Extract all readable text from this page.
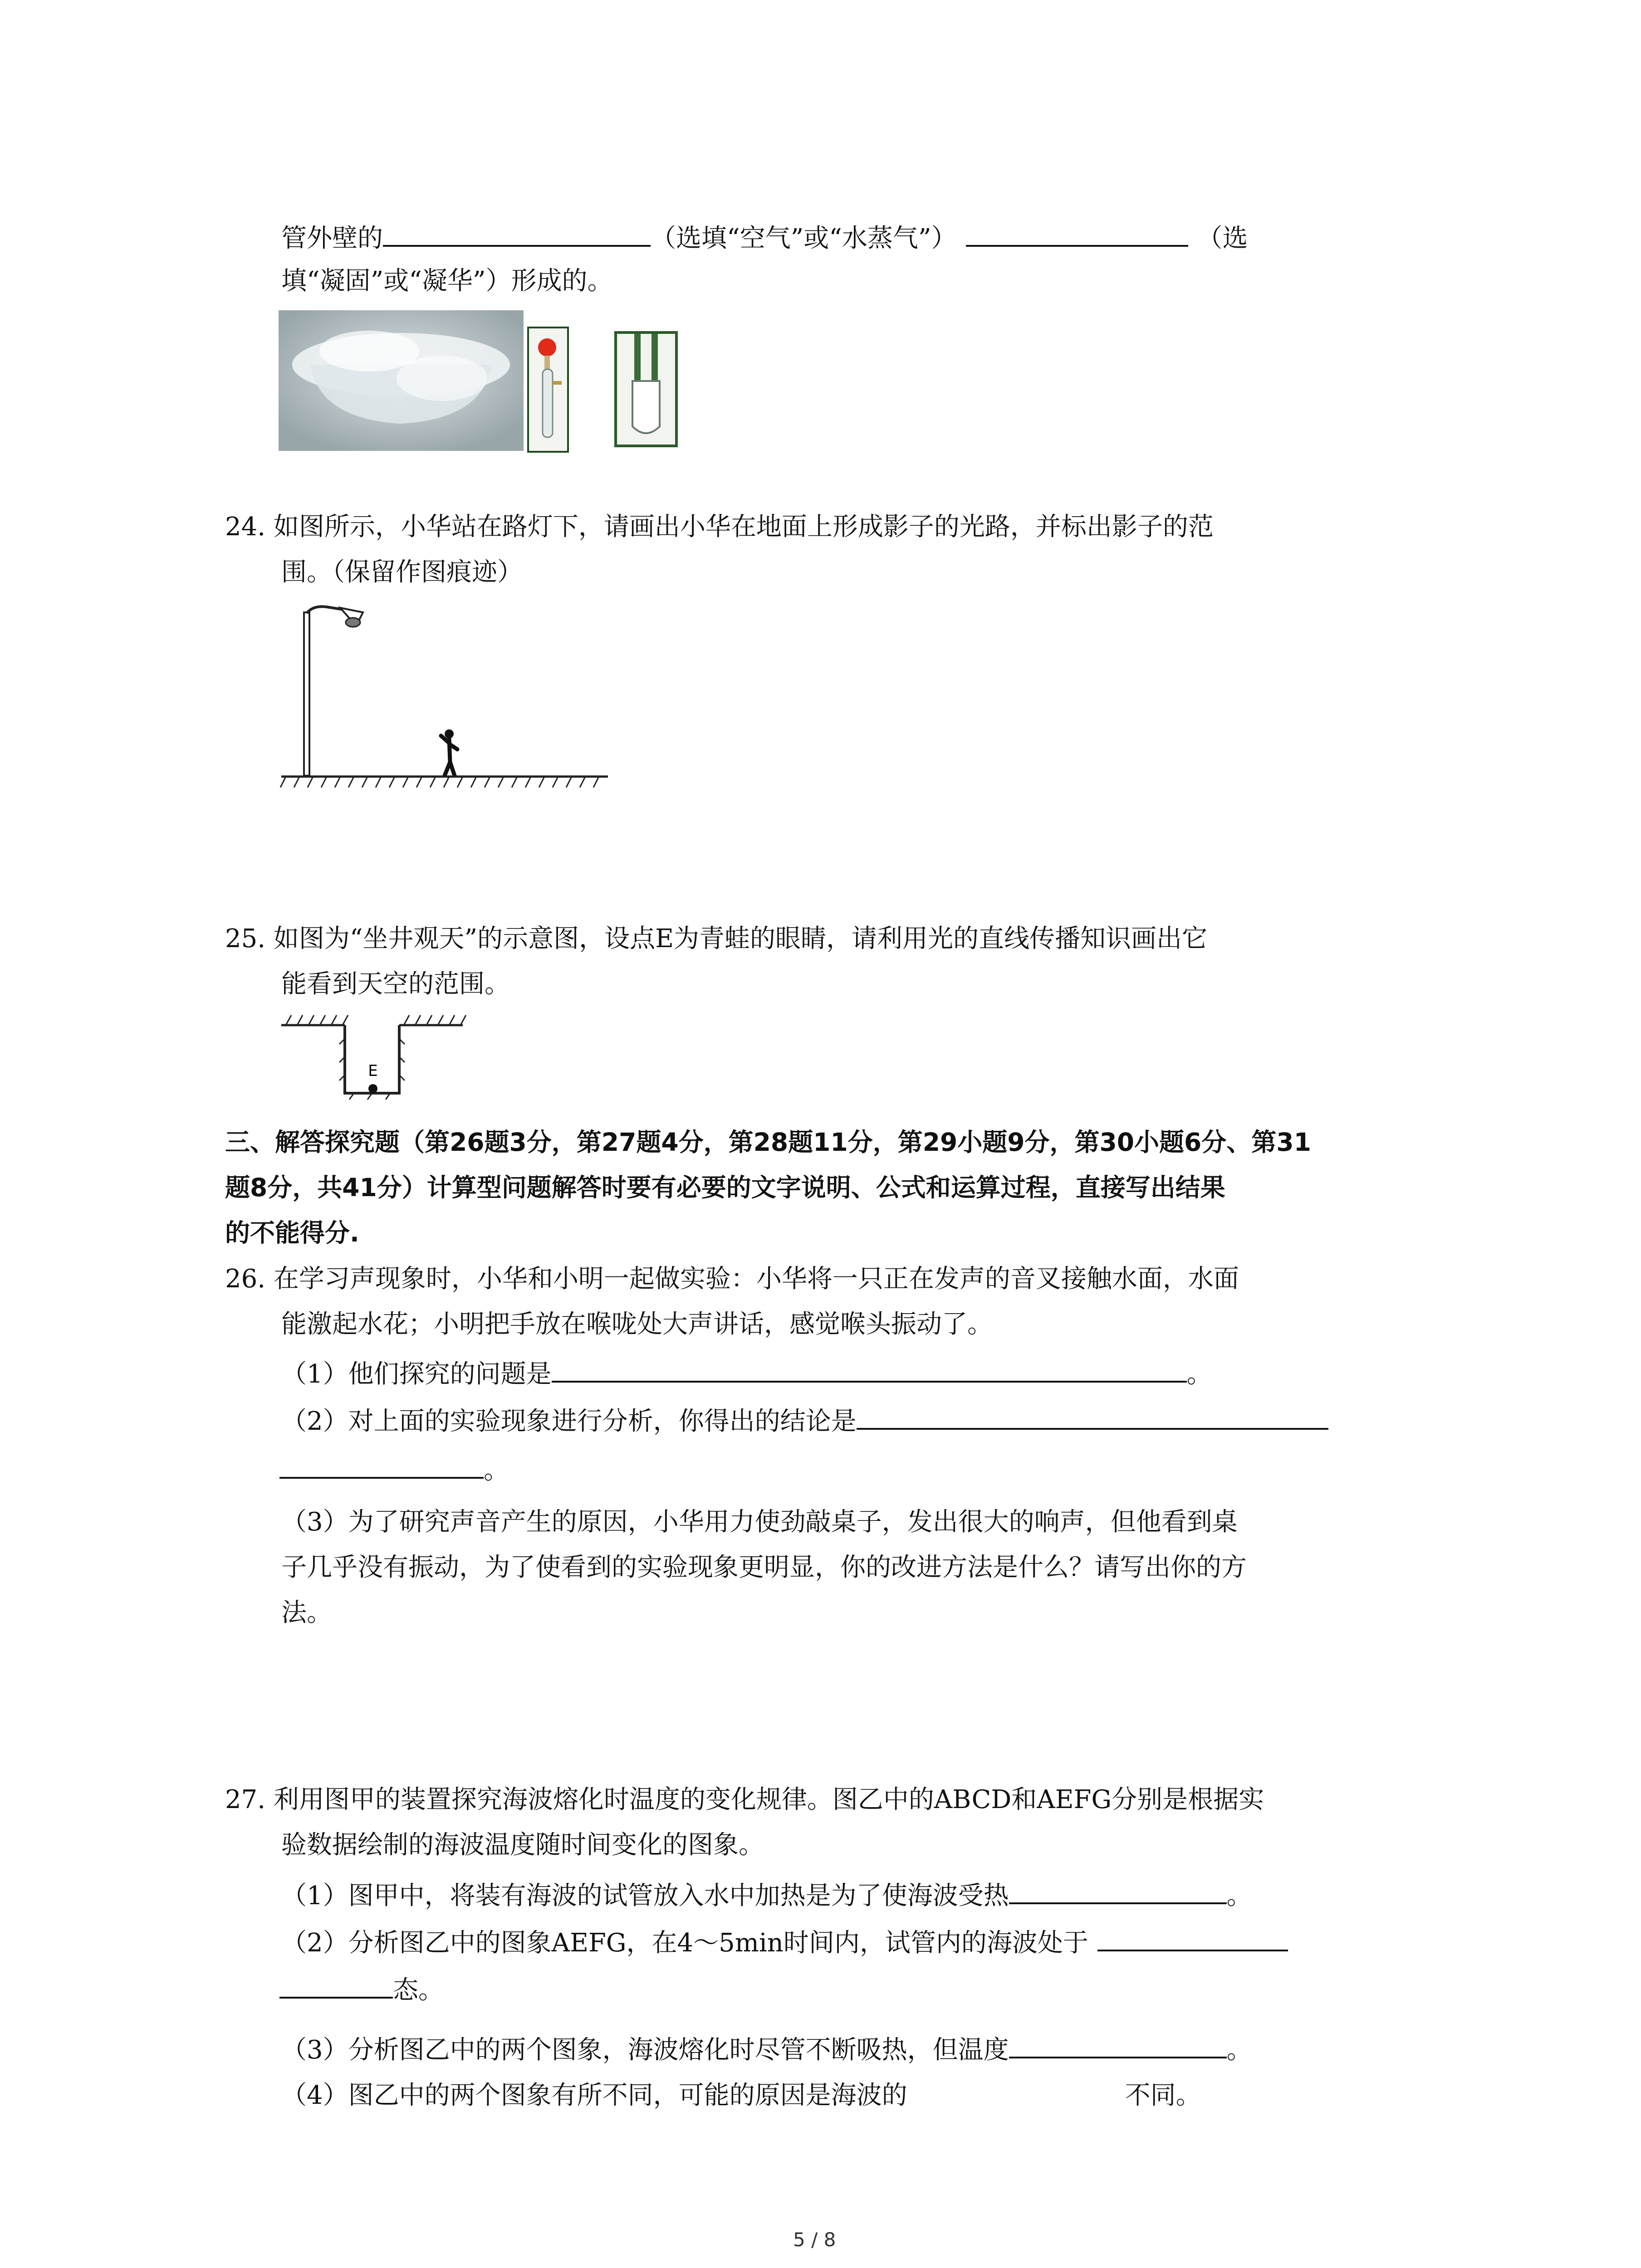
管外壁的	（选填“空气”或“水蒸气”）	（选
填“凝固”或“凝华”）形成的。
24. 如图所示，小华站在路灯下，请画出小华在地面上形成影子的光路，并标出影子的范
围。（保留作图痕迹）
25. 如图为“坐井观天”的示意图，设点E为青蛙的眼睛，请利用光的直线传播知识画出它
能看到天空的范围。
E
三、解答探究题（第26题3分，第27题4分，第28题11分，第29小题9分，第30小题6分、第31
题8分，共41分）计算型问题解答时要有必要的文字说明、公式和运算过程，直接写出结果
的不能得分.
26. 在学习声现象时，小华和小明一起做实验：小华将一只正在发声的音叉接触水面，水面
能激起水花；小明把手放在喉咙处大声讲话，感觉喉头振动了。
（1）他们探究的问题是	。
（2）对上面的实验现象进行分析，你得出的结论是
。
（3）为了研究声音产生的原因，小华用力使劲敲桌子，发出很大的响声，但他看到桌
子几乎没有振动，为了使看到的实验现象更明显，你的改进方法是什么？请写出你的方
法。
27. 利用图甲的装置探究海波熔化时温度的变化规律。图乙中的ABCD和AEFG分别是根据实
验数据绘制的海波温度随时间变化的图象。
（1）图甲中，将装有海波的试管放入水中加热是为了使海波受热	。
（2）分析图乙中的图象AEFG，在4～5min时间内，试管内的海波处于
态。
（3）分析图乙中的两个图象，海波熔化时尽管不断吸热，但温度	。
（4）图乙中的两个图象有所不同，可能的原因是海波的	不同。
5 / 8
